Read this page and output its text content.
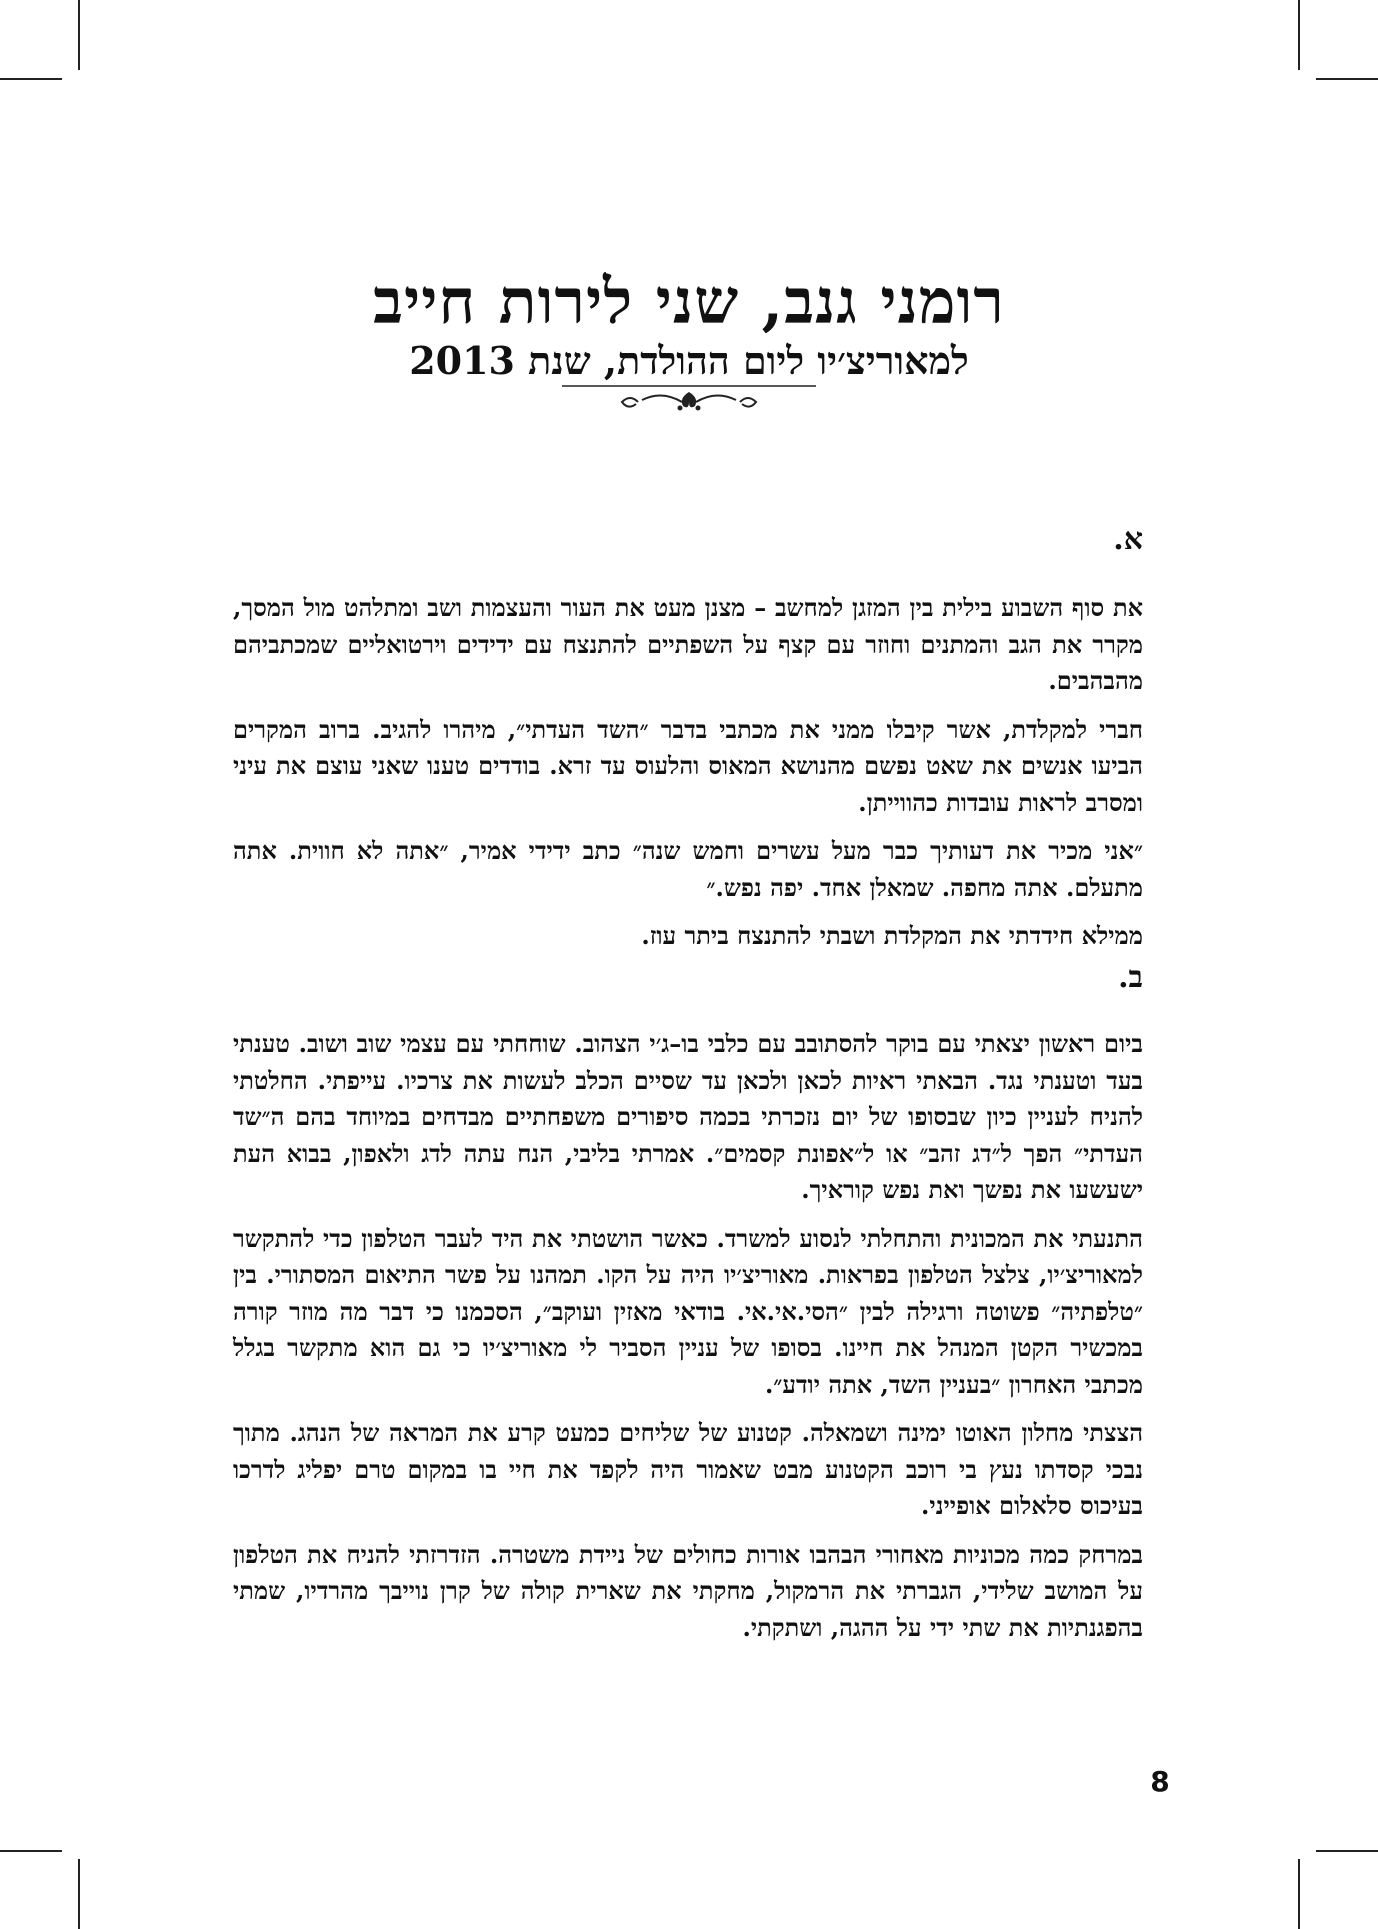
רומני גנב, שני לירות חייב
למאוריצ׳יו ליום ההולדת, שנת 2013

א.

את סוף השבוע בילית בין המזגן למחשב – מצנן מעט את העור והעצמות ושב ומתלהט מול המסך, מקרר את הגב והמתנים וחוזר עם קצף על השפתיים להתנצח עם ידידים וירטואליים שמכתביהם מהבהבים.

חברי למקלדת, אשר קיבלו ממני את מכתבי בדבר ״השד העדתי״, מיהרו להגיב. ברוב המקרים הביעו אנשים את שאט נפשם מהנושא המאוס והלעוס עד זרא. בודדים טענו שאני עוצם את עיני ומסרב לראות עובדות כהווייתן.

״אני מכיר את דעותיך כבר מעל עשרים וחמש שנה״ כתב ידידי אמיר, ״אתה לא חווית. אתה מתעלם. אתה מחפה. שמאלן אחד. יפה נפש.״

ממילא חידדתי את המקלדת ושבתי להתנצח ביתר עוז.

ב.

ביום ראשון יצאתי עם בוקר להסתובב עם כלבי בו–ג׳י הצהוב. שוחחתי עם עצמי שוב ושוב. טענתי בעד וטענתי נגד. הבאתי ראיות לכאן ולכאן עד שסיים הכלב לעשות את צרכיו. עייפתי. החלטתי להניח לעניין כיון שבסופו של יום נזכרתי בכמה סיפורים משפחתיים מבדחים במיוחד בהם ה״שד העדתי״ הפך ל״דג זהב״ או ל״אפונת קסמים״. אמרתי בליבי, הנח עתה לדג ולאפון, בבוא העת ישעשעו את נפשך ואת נפש קוראיך.

התנעתי את המכונית והתחלתי לנסוע למשרד. כאשר הושטתי את היד לעבר הטלפון כדי להתקשר למאוריצ׳יו, צלצל הטלפון בפראות. מאוריצ׳יו היה על הקו. תמהנו על פשר התיאום המסתורי. בין ״טלפתיה״ פשוטה ורגילה לבין ״הסי.אי.אי. בודאי מאזין ועוקב״, הסכמנו כי דבר מה מוזר קורה במכשיר הקטן המנהל את חיינו. בסופו של עניין הסביר לי מאוריצ׳יו כי גם הוא מתקשר בגלל מכתבי האחרון ״בעניין השד, אתה יודע״.

הצצתי מחלון האוטו ימינה ושמאלה. קטנוע של שליחים כמעט קרע את המראה של הנהג. מתוך נבכי קסדתו נעץ בי רוכב הקטנוע מבט שאמור היה לקפד את חיי בו במקום טרם יפליג לדרכו בעיכוס סלאלום אופייני.

במרחק כמה מכוניות מאחורי הבהבו אורות כחולים של ניידת משטרה. הזדרזתי להניח את הטלפון על המושב שלידי, הגברתי את הרמקול, מחקתי את שארית קולה של קרן נוייבך מהרדיו, שמתי בהפגנתיות את שתי ידי על ההגה, ושתקתי.

8
